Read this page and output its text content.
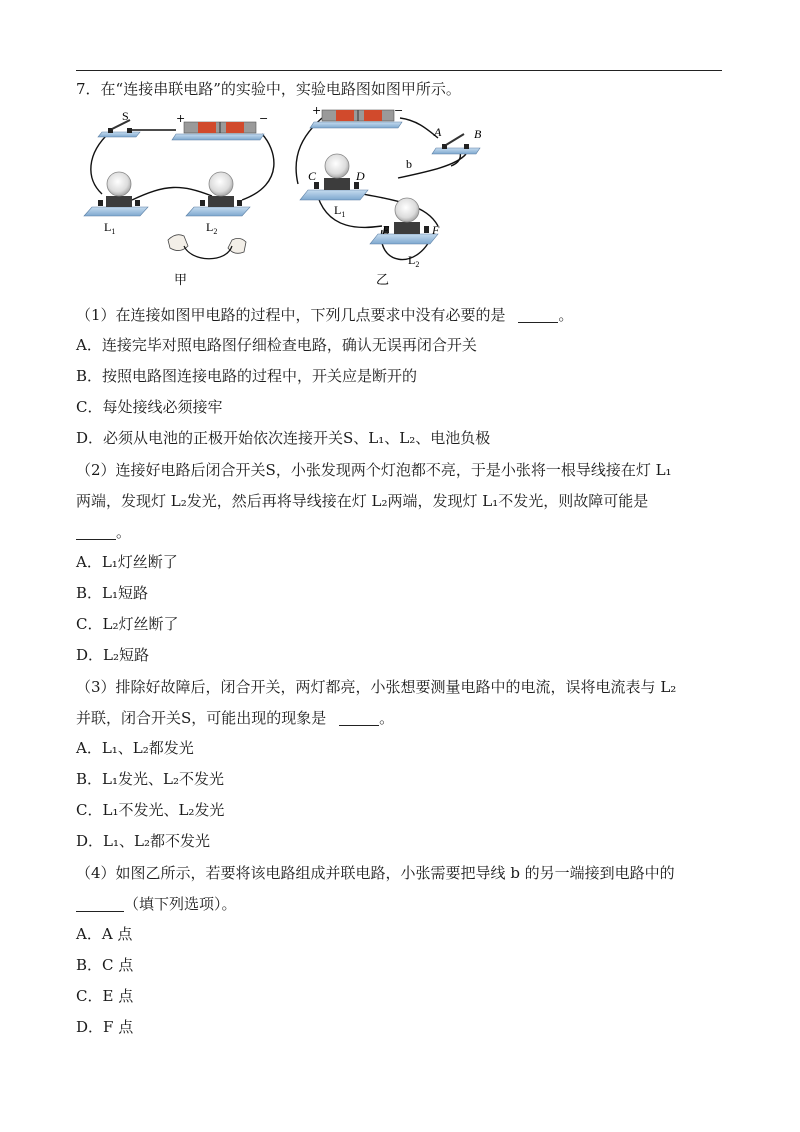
7．在“连接串联电路”的实验中，实验电路图如图甲所示。
S	+	−
$L_1$	$L_2$
甲
+	−
A	B
b
C	D
$L_1$
E	F
$L_2$
乙
（1）在连接如图甲电路的过程中，下列几点要求中没有必要的是	。
A．连接完毕对照电路图仔细检查电路，确认无误再闭合开关
B．按照电路图连接电路的过程中，开关应是断开的
C．每处接线必须接牢
D．必须从电池的正极开始依次连接开关S、L₁、L₂、电池负极
（2）连接好电路后闭合开关S，小张发现两个灯泡都不亮，于是小张将一根导线接在灯 L₁
两端，发现灯 L₂发光，然后再将导线接在灯 L₂两端，发现灯 L₁不发光，则故障可能是
。
A．L₁灯丝断了
B．L₁短路
C．L₂灯丝断了
D．L₂短路
（3）排除好故障后，闭合开关，两灯都亮，小张想要测量电路中的电流，误将电流表与 L₂
并联，闭合开关S，可能出现的现象是	。
A．L₁、L₂都发光
B．L₁发光、L₂不发光
C．L₁不发光、L₂发光
D．L₁、L₂都不发光
（4）如图乙所示，若要将该电路组成并联电路，小张需要把导线 b 的另一端接到电路中的
（填下列选项）。
A．A 点
B．C 点
C．E 点
D．F 点
